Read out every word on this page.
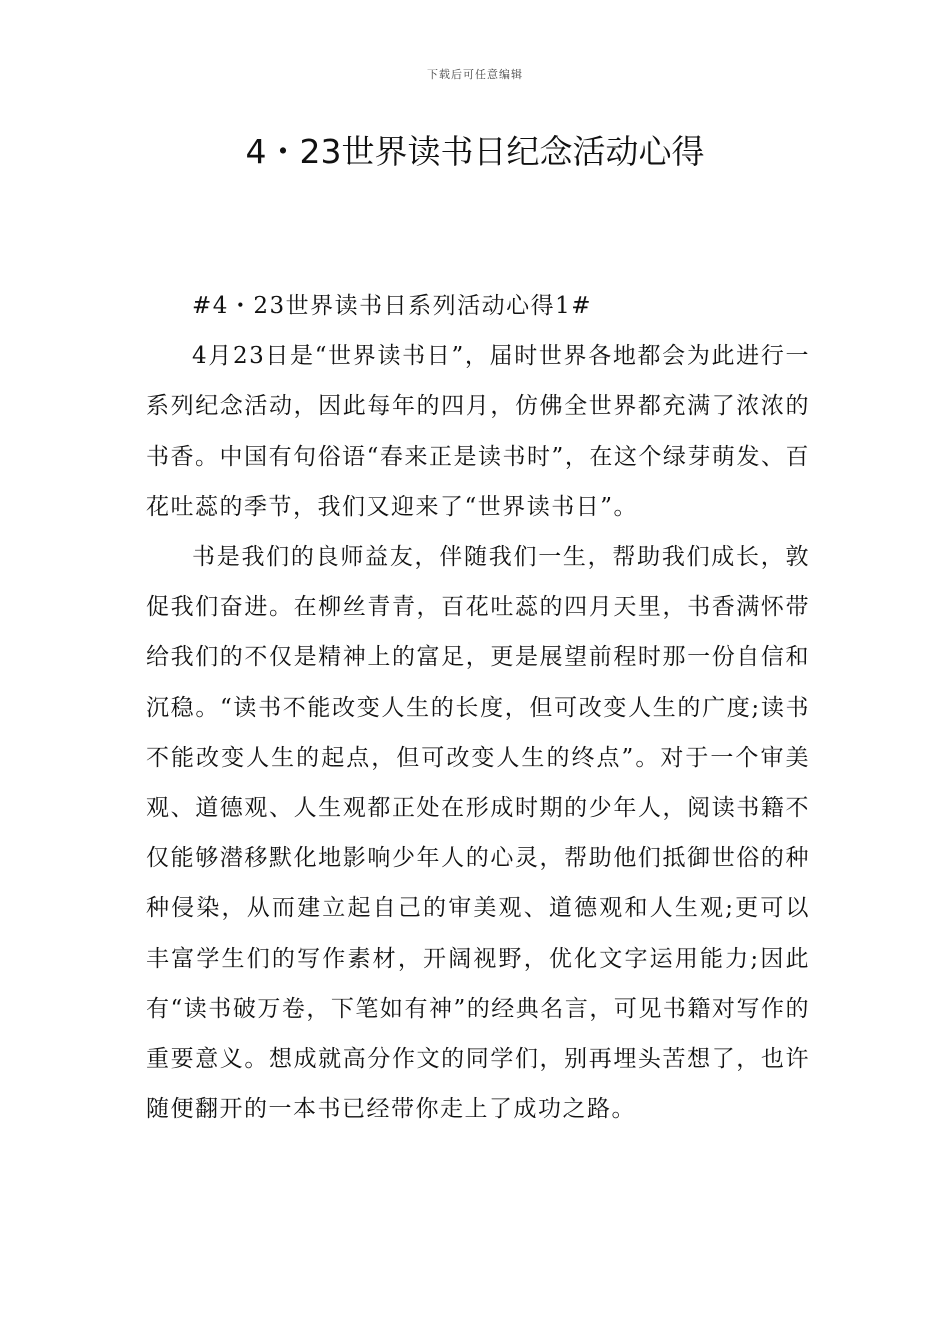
下载后可任意编辑
4・23世界读书日纪念活动心得

#4・23世界读书日系列活动心得1#

4月23日是“世界读书日”，届时世界各地都会为此进行一系列纪念活动，因此每年的四月，仿佛全世界都充满了浓浓的书香。中国有句俗语“春来正是读书时”，在这个绿芽萌发、百花吐蕊的季节，我们又迎来了“世界读书日”。

书是我们的良师益友，伴随我们一生，帮助我们成长，敦促我们奋进。在柳丝青青，百花吐蕊的四月天里，书香满怀带给我们的不仅是精神上的富足，更是展望前程时那一份自信和沉稳。“读书不能改变人生的长度，但可改变人生的广度;读书不能改变人生的起点，但可改变人生的终点”。对于一个审美观、道德观、人生观都正处在形成时期的少年人，阅读书籍不仅能够潜移默化地影响少年人的心灵，帮助他们抵御世俗的种种侵染，从而建立起自己的审美观、道德观和人生观;更可以丰富学生们的写作素材，开阔视野，优化文字运用能力;因此有“读书破万卷，下笔如有神”的经典名言，可见书籍对写作的重要意义。想成就高分作文的同学们，别再埋头苦想了，也许随便翻开的一本书已经带你走上了成功之路。
